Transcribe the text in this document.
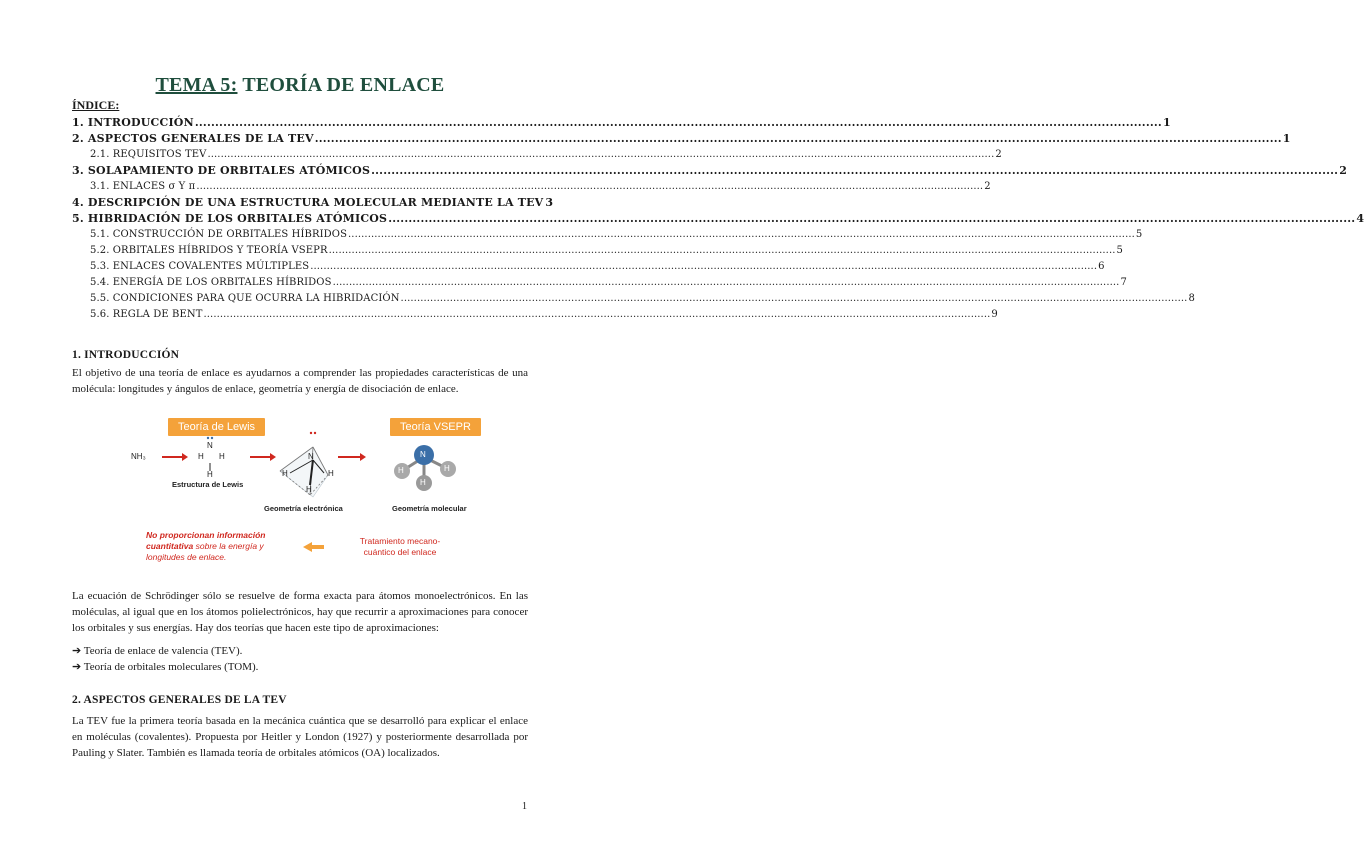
TEMA 5: TEORÍA DE ENLACE
ÍNDICE:
1. INTRODUCCIÓN .....	1
2. ASPECTOS GENERALES DE LA TEV .....	1
2.1. REQUISITOS TEV .....	2
3. SOLAPAMIENTO DE ORBITALES ATÓMICOS .....	2
3.1. ENLACES σ Y π .....	2
4. DESCRIPCIÓN DE UNA ESTRUCTURA MOLECULAR MEDIANTE LA TEV 3
5. HIBRIDACIÓN DE LOS ORBITALES ATÓMICOS .....	4
5.1. CONSTRUCCIÓN DE ORBITALES HÍBRIDOS .....	5
5.2. ORBITALES HÍBRIDOS Y TEORÍA VSEPR .....	5
5.3. ENLACES COVALENTES MÚLTIPLES .....	6
5.4. ENERGÍA DE LOS ORBITALES HÍBRIDOS .....	7
5.5. CONDICIONES PARA QUE OCURRA LA HIBRIDACIÓN .....	8
5.6. REGLA DE BENT .....	9
1. INTRODUCCIÓN
El objetivo de una teoría de enlace es ayudarnos a comprender las propiedades características de una molécula: longitudes y ángulos de enlace, geometría y energía de disociación de enlace.
Teoría de Lewis	Teoría VSEPR
NH₃	H
N
H
H
N
H	H
H
N
H	H
H
Estructura de Lewis
Geometría electrónica	Geometría molecular
No proporcionan información
cuantitativa sobre la energía y
longitudes de enlace.
Tratamiento mecano-
cuántico del enlace
La ecuación de Schrödinger sólo se resuelve de forma exacta para átomos monoelectrónicos. En las moléculas, al igual que en los átomos polielectrónicos, hay que recurrir a aproximaciones para conocer los orbitales y sus energías. Hay dos teorías que hacen este tipo de aproximaciones:
➔ Teoría de enlace de valencia (TEV).
➔ Teoría de orbitales moleculares (TOM).
2. ASPECTOS GENERALES DE LA TEV
La TEV fue la primera teoría basada en la mecánica cuántica que se desarrolló para explicar el enlace en moléculas (covalentes). Propuesta por Heitler y London (1927) y posteriormente desarrollada por Pauling y Slater. También es llamada teoría de orbitales atómicos (OA) localizados.
1
